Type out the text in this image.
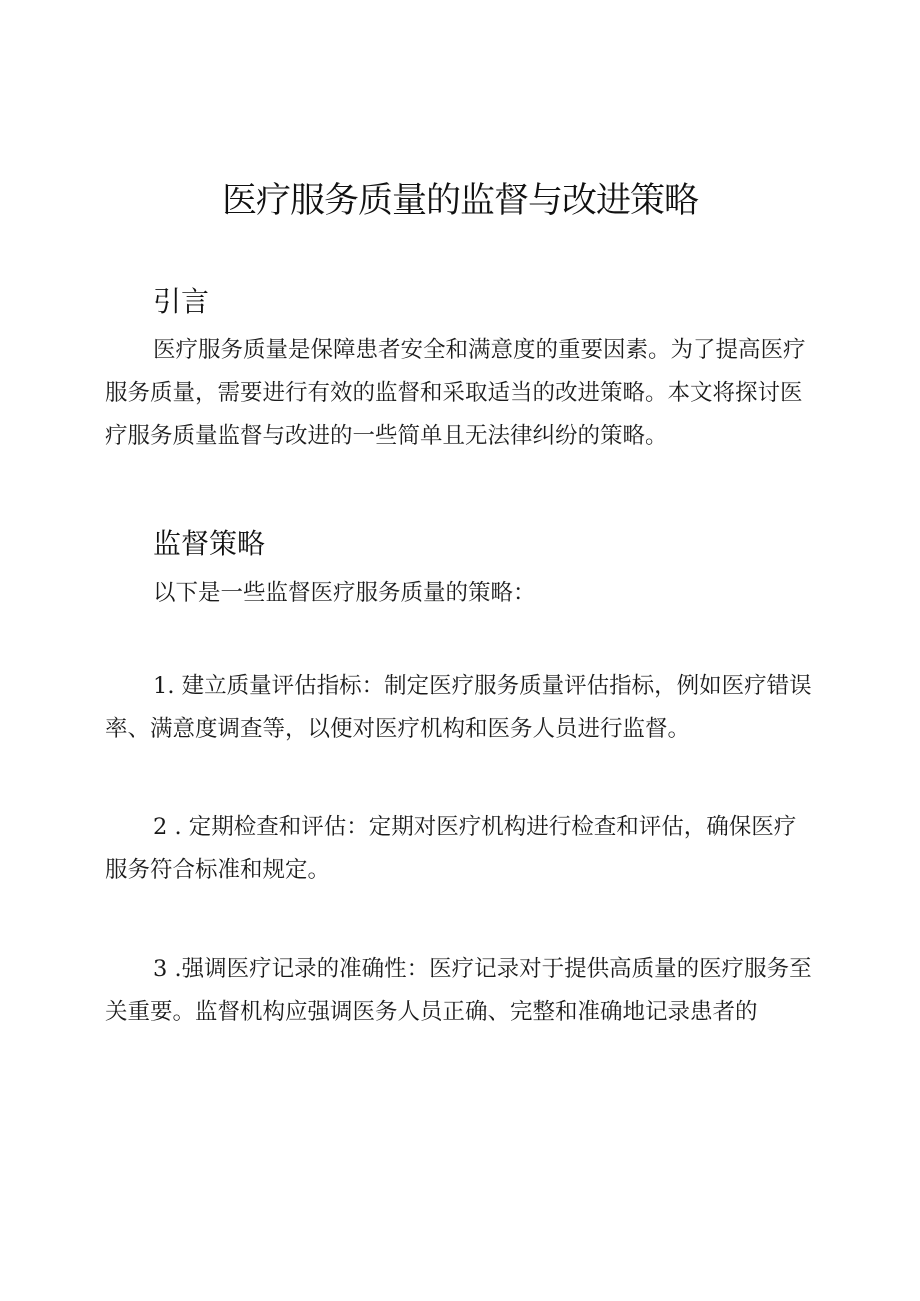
医疗服务质量的监督与改进策略
引言

医疗服务质量是保障患者安全和满意度的重要因素。为了提高医疗服务质量，需要进行有效的监督和采取适当的改进策略。本文将探讨医疗服务质量监督与改进的一些简单且无法律纠纷的策略。

监督策略

以下是一些监督医疗服务质量的策略：

1. 建立质量评估指标：制定医疗服务质量评估指标，例如医疗错误率、满意度调查等，以便对医疗机构和医务人员进行监督。

2 . 定期检查和评估：定期对医疗机构进行检查和评估，确保医疗服务符合标准和规定。

3 .强调医疗记录的准确性：医疗记录对于提供高质量的医疗服务至关重要。监督机构应强调医务人员正确、完整和准确地记录患者的
